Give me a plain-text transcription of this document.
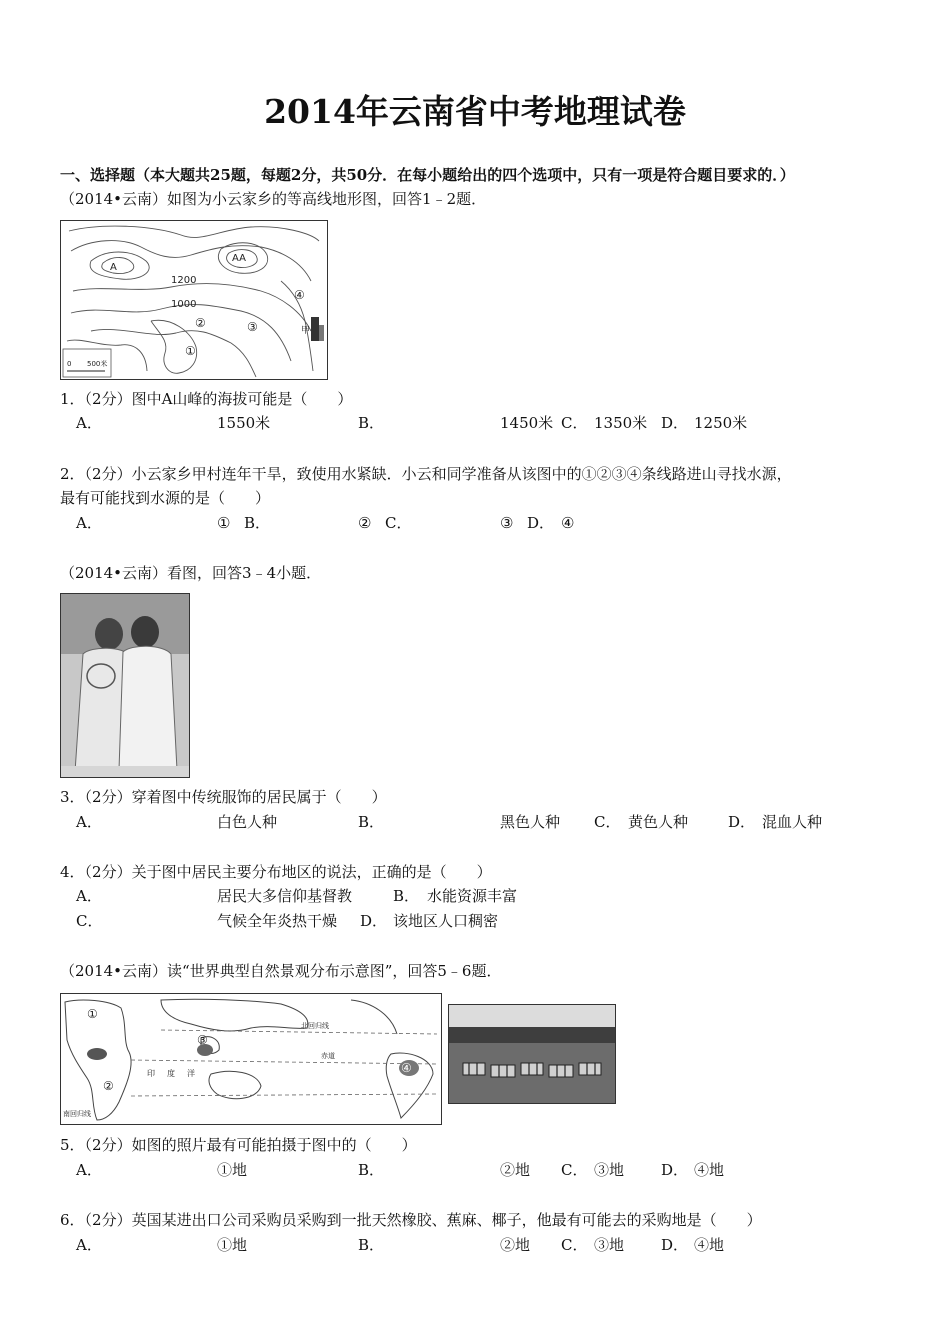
2014年云南省中考地理试卷
一、选择题（本大题共25题，每题2分，共50分．在每小题给出的四个选项中，只有一项是符合题目要求的．）
（2014•云南）如图为小云家乡的等高线地形图，回答1﹣2题．
A
AA
1200
1000
④
②	③
①
甲
0 500米
1．（2分）图中A山峰的海拔可能是（　　）
A．	1550米	B．	1450米 C． 1350米 D． 1250米
2．（2分）小云家乡甲村连年干旱，致使用水紧缺．小云和同学准备从该图中的①②③④条线路进山寻找水源，
最有可能找到水源的是（　　）
A．	① B．	② C．	③ D． ④
（2014•云南）看图，回答3﹣4小题．
3．（2分）穿着图中传统服饰的居民属于（　　）
A．	白色人种	B．	黑色人种 C． 黄色人种	D． 混血人种
4．（2分）关于图中居民主要分布地区的说法，正确的是（　　）
A．	居民大多信仰基督教	B． 水能资源丰富
C．	气候全年炎热干燥 D． 该地区人口稠密
（2014•云南）读“世界典型自然景观分布示意图”，回答5﹣6题．
①
②
③
④
北回归线
赤道
印 度 洋
南回归线
5．（2分）如图的照片最有可能拍摄于图中的（　　）
A．	①地	B．	②地 C． ③地 D． ④地
6．（2分）英国某进出口公司采购员采购到一批天然橡胶、蕉麻、椰子，他最有可能去的采购地是（　　）
A．	①地	B．	②地 C． ③地 D． ④地
